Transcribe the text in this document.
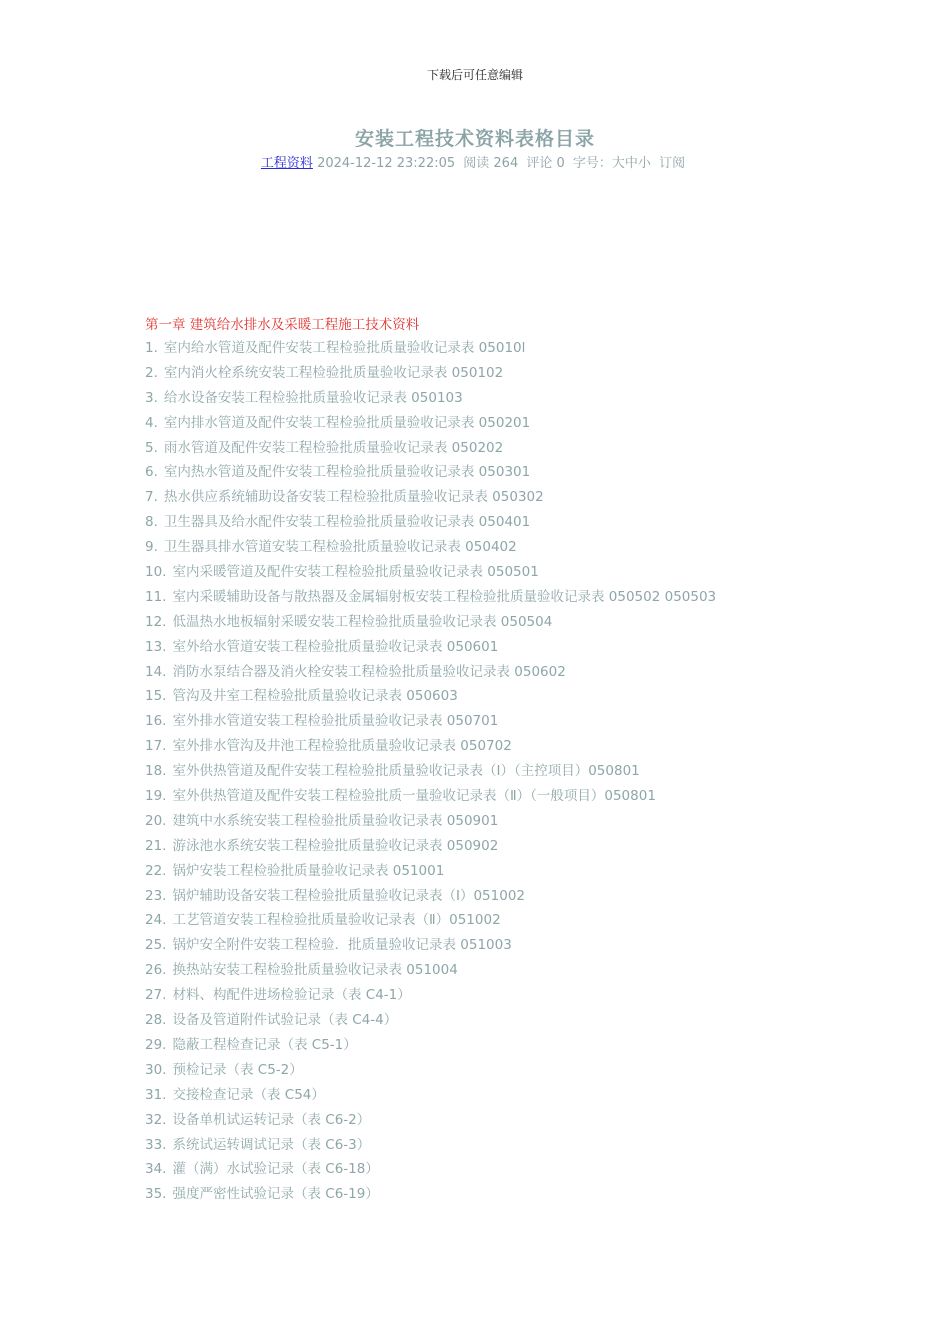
下载后可任意编辑
安装工程技术资料表格目录
工程资料 2024-12-12 23:22:05 阅读 264 评论 0 字号：大中小 订阅
第一章 建筑给水排水及采暖工程施工技术资料
1. 室内给水管道及配件安装工程检验批质量验收记录表 05010l
2. 室内消火栓系统安装工程检验批质量验收记录表 050102
3. 给水设备安装工程检验批质量验收记录表 050103
4. 室内排水管道及配件安装工程检验批质量验收记录表 050201
5. 雨水管道及配件安装工程检验批质量验收记录表 050202
6. 室内热水管道及配件安装工程检验批质量验收记录表 050301
7. 热水供应系统辅助设备安装工程检验批质量验收记录表 050302
8. 卫生器具及给水配件安装工程检验批质量验收记录表 050401
9. 卫生器具排水管道安装工程检验批质量验收记录表 050402
10. 室内采暖管道及配件安装工程检验批质量验收记录表 050501
11. 室内采暖辅助设备与散热器及金属辐射板安装工程检验批质量验收记录表 050502 050503
12. 低温热水地板辐射采暖安装工程检验批质量验收记录表 050504
13. 室外给水管道安装工程检验批质量验收记录表 050601
14. 消防水泵结合器及消火栓安装工程检验批质量验收记录表 050602
15. 管沟及井室工程检验批质量验收记录表 050603
16. 室外排水管道安装工程检验批质量验收记录表 050701
17. 室外排水管沟及井池工程检验批质量验收记录表 050702
18. 室外供热管道及配件安装工程检验批质量验收记录表（I）（主控项目）050801
19. 室外供热管道及配件安装工程检验批质一量验收记录表（Ⅱ）（一般项目）050801
20. 建筑中水系统安装工程检验批质量验收记录表 050901
21. 游泳池水系统安装工程检验批质量验收记录表 050902
22. 锅炉安装工程检验批质量验收记录表 051001
23. 锅炉辅助设备安装工程检验批质量验收记录表（I）051002
24. 工艺管道安装工程检验批质量验收记录表（Ⅱ）051002
25. 锅炉安全附件安装工程检验．批质量验收记录表 051003
26. 换热站安装工程检验批质量验收记录表 051004
27. 材料、构配件进场检验记录（表 C4-1）
28. 设备及管道附件试验记录（表 C4-4）
29. 隐蔽工程检查记录（表 C5-1）
30. 预检记录（表 C5-2）
31. 交接检查记录（表 C54）
32. 设备单机试运转记录（表 C6-2）
33. 系统试运转调试记录（表 C6-3）
34. 灌（满）水试验记录（表 C6-18）
35. 强度严密性试验记录（表 C6-19）
